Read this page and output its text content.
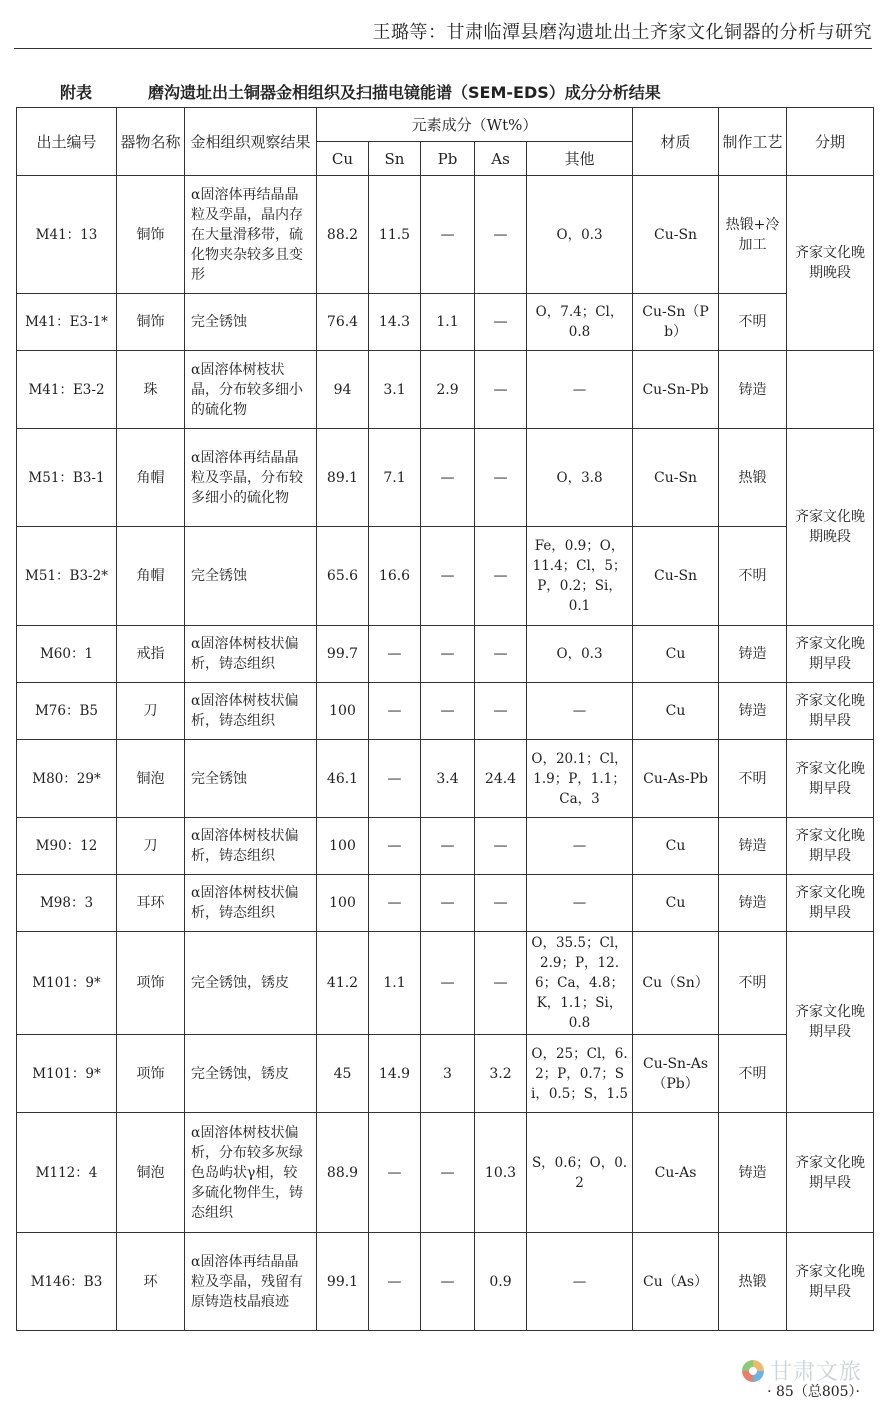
王璐等：甘肃临潭县磨沟遗址出土齐家文化铜器的分析与研究
附表	磨沟遗址出土铜器金相组织及扫描电镜能谱（SEM-EDS）成分分析结果
出土编号	器物名称	金相组织观察结果	元素成分（Wt%）					材质	制作工艺	分期
			Cu	Sn	Pb	As	其他			
M41：13	铜饰	α固溶体再结晶晶粒及孪晶，晶内存在大量滑移带，硫化物夹杂较多且变形	88.2	11.5	—	—	O，0.3	Cu-Sn	热锻+冷加工	齐家文化晚期晚段
M41：E3-1*	铜饰	完全锈蚀	76.4	14.3	1.1	—	O，7.4；Cl，0.8	Cu-Sn（Pb）	不明	
M41：E3-2	珠	α固溶体树枝状晶，分布较多细小的硫化物	94	3.1	2.9	—	—	Cu-Sn-Pb	铸造	
M51：B3-1	角帽	α固溶体再结晶晶粒及孪晶，分布较多细小的硫化物	89.1	7.1	—	—	O，3.8	Cu-Sn	热锻	齐家文化晚期晚段
M51：B3-2*	角帽	完全锈蚀	65.6	16.6	—	—	Fe，0.9；O，11.4；Cl，5；P，0.2；Si，0.1	Cu-Sn	不明	
M60：1	戒指	α固溶体树枝状偏析，铸态组织	99.7	—	—	—	O，0.3	Cu	铸造	齐家文化晚期早段
M76：B5	刀	α固溶体树枝状偏析，铸态组织	100	—	—	—	—	Cu	铸造	齐家文化晚期早段
M80：29*	铜泡	完全锈蚀	46.1	—	3.4	24.4	O，20.1；Cl，1.9；P，1.1；Ca，3	Cu-As-Pb	不明	齐家文化晚期早段
M90：12	刀	α固溶体树枝状偏析，铸态组织	100	—	—	—	—	Cu	铸造	齐家文化晚期早段
M98：3	耳环	α固溶体树枝状偏析，铸态组织	100	—	—	—	—	Cu	铸造	齐家文化晚期早段
M101：9*	项饰	完全锈蚀，锈皮	41.2	1.1	—	—	O，35.5；Cl，2.9；P，12.6；Ca，4.8；K，1.1；Si，0.8	Cu（Sn）	不明	齐家文化晚期早段
M101：9*	项饰	完全锈蚀，锈皮	45	14.9	3	3.2	O，25；Cl，6.2；P，0.7；Si，0.5；S，1.5	Cu-Sn-As（Pb）	不明	
M112：4	铜泡	α固溶体树枝状偏析，分布较多灰绿色岛屿状γ相，较多硫化物伴生，铸态组织	88.9	—	—	10.3	S，0.6；O，0.2	Cu-As	铸造	齐家文化晚期早段
M146：B3	环	α固溶体再结晶晶粒及孪晶，残留有原铸造枝晶痕迹	99.1	—	—	0.9	—	Cu（As）	热锻	齐家文化晚期早段
甘肃文旅
· 85（总805）·
